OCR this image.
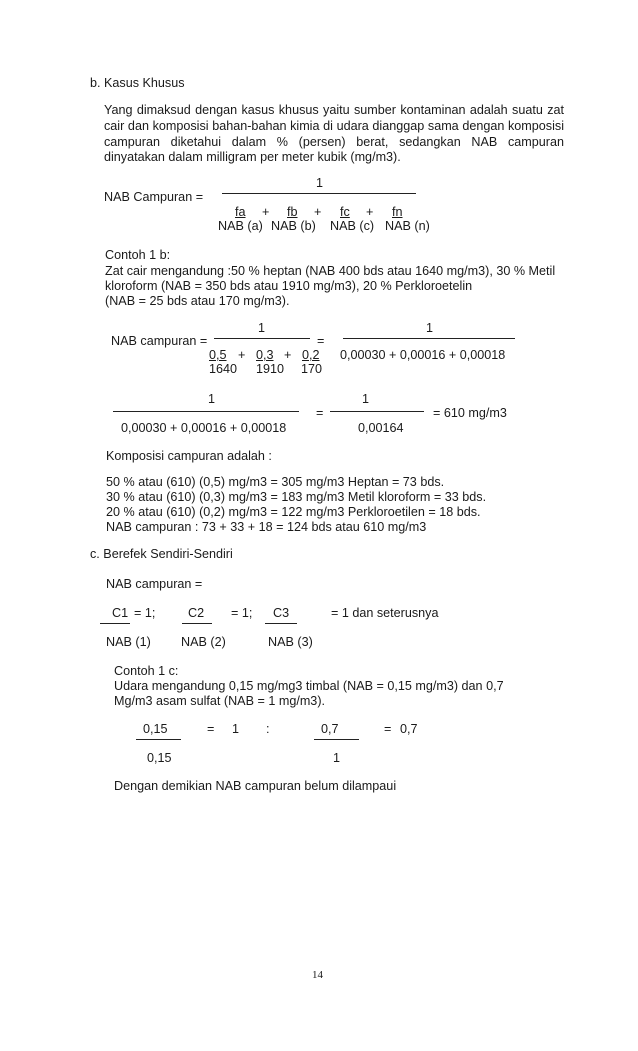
b. Kasus Khusus
Yang dimaksud dengan kasus khusus yaitu sumber kontaminan adalah suatu zat
cair dan komposisi bahan-bahan kimia di udara dianggap sama dengan komposisi
campuran diketahui dalam % (persen) berat, sedangkan NAB campuran
dinyatakan dalam milligram per meter kubik (mg/m3).
1
NAB Campuran =
fa + fb + fc + fn
NAB (a) NAB (b) NAB (c) NAB (n)
Contoh 1 b:
Zat cair mengandung :50 % heptan (NAB 400 bds atau 1640 mg/m3), 30 % Metil
kloroform (NAB = 350 bds atau 1910 mg/m3), 20 % Perkloroetelin
(NAB = 25 bds atau 170 mg/m3).
1	1
NAB campuran =	=
0,5 + 0,3 + 0,2 0,00030 + 0,00016 + 0,00018
1640 1910 170
1	1
=	= 610 mg/m3
0,00030 + 0,00016 + 0,00018	0,00164
Komposisi campuran adalah :
50 % atau (610) (0,5) mg/m3 = 305 mg/m3 Heptan = 73 bds.
30 % atau (610) (0,3) mg/m3 = 183 mg/m3 Metil kloroform = 33 bds.
20 % atau (610) (0,2) mg/m3 = 122 mg/m3 Perkloroetilen = 18 bds.
NAB campuran : 73 + 33 + 18 = 124 bds atau 610 mg/m3
c. Berefek Sendiri-Sendiri
NAB campuran =
C1 = 1;	C2 = 1; C3	= 1 dan seterusnya
NAB (1) NAB (2)	NAB (3)
Contoh 1 c:
Udara mengandung 0,15 mg/mg3 timbal (NAB = 0,15 mg/m3) dan 0,7
Mg/m3 asam sulfat (NAB = 1 mg/m3).
0,15	= 1 :	0,7	= 0,7
0,15	1
Dengan demikian NAB campuran belum dilampaui
14
